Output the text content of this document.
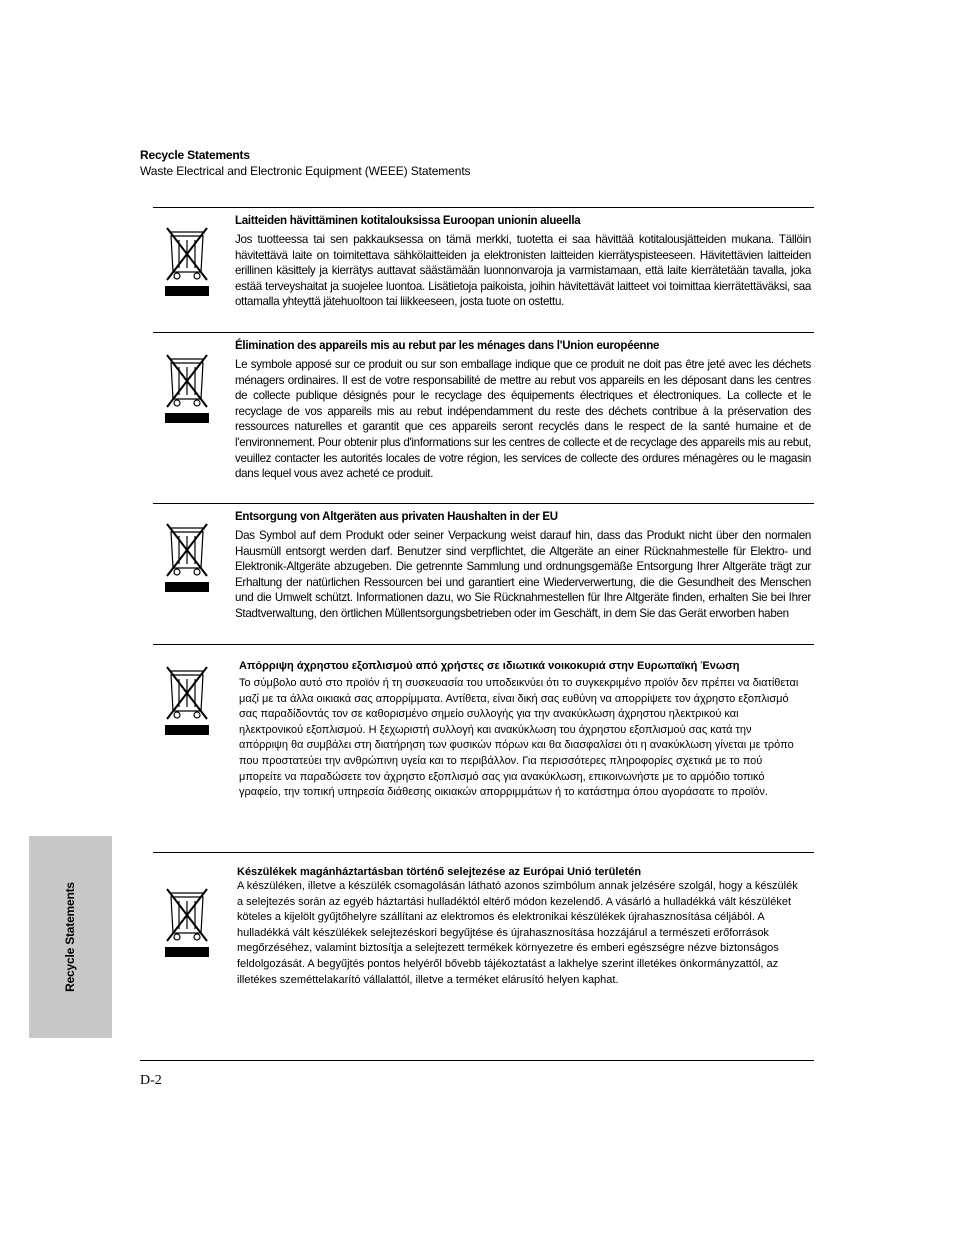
Recycle Statements
Waste Electrical and Electronic Equipment (WEEE) Statements
Laitteiden hävittäminen kotitalouksissa Euroopan unionin alueella
Jos tuotteessa tai sen pakkauksessa on tämä merkki, tuotetta ei saa hävittää kotitalousjätteiden mukana. Tällöin hävitettävä laite on toimitettava sähkölaitteiden ja elektronisten laitteiden kierrätyspisteeseen. Hävitettävien laitteiden erillinen käsittely ja kierrätys auttavat säästämään luonnonvaroja ja varmistamaan, että laite kierrätetään tavalla, joka estää terveyshaitat ja suojelee luontoa. Lisätietoja paikoista, joihin hävitettävät laitteet voi toimittaa kierrätettäväksi, saa ottamalla yhteyttä jätehuoltoon tai liikkeeseen, josta tuote on ostettu.
Élimination des appareils mis au rebut par les ménages dans l'Union européenne
Le symbole apposé sur ce produit ou sur son emballage indique que ce produit ne doit pas être jeté avec les déchets ménagers ordinaires. Il est de votre responsabilité de mettre au rebut vos appareils en les déposant dans les centres de collecte publique désignés pour le recyclage des équipements électriques et électroniques. La collecte et le recyclage de vos appareils mis au rebut indépendamment du reste des déchets contribue à la préservation des ressources naturelles et garantit que ces appareils seront recyclés dans le respect de la santé humaine et de l'environnement. Pour obtenir plus d'informations sur les centres de collecte et de recyclage des appareils mis au rebut, veuillez contacter les autorités locales de votre région, les services de collecte des ordures ménagères ou le magasin dans lequel vous avez acheté ce produit.
Entsorgung von Altgeräten aus privaten Haushalten in der EU
Das Symbol auf dem Produkt oder seiner Verpackung weist darauf hin, dass das Produkt nicht über den normalen Hausmüll entsorgt werden darf. Benutzer sind verpflichtet, die Altgeräte an einer Rücknahmestelle für Elektro- und Elektronik-Altgeräte abzugeben. Die getrennte Sammlung und ordnungsgemäße Entsorgung Ihrer Altgeräte trägt zur Erhaltung der natürlichen Ressourcen bei und garantiert eine Wiederverwertung, die die Gesundheit des Menschen und die Umwelt schützt. Informationen dazu, wo Sie Rücknahmestellen für Ihre Altgeräte finden, erhalten Sie bei Ihrer Stadtverwaltung, den örtlichen Müllentsorgungsbetrieben oder im Geschäft, in dem Sie das Gerät erworben haben
Απόρριψη άχρηστου εξοπλισμού από χρήστες σε ιδιωτικά νοικοκυριά στην Ευρωπαϊκή Ένωση
Το σύμβολο αυτό στο προϊόν ή τη συσκευασία του υποδεικνύει ότι το συγκεκριμένο προϊόν δεν πρέπει να διατίθεται μαζί με τα άλλα οικιακά σας απορρίμματα. Αντίθετα, είναι δική σας ευθύνη να απορρίψετε τον άχρηστο εξοπλισμό σας παραδίδοντάς τον σε καθορισμένο σημείο συλλογής για την ανακύκλωση άχρηστου ηλεκτρικού και ηλεκτρονικού εξοπλισμού. Η ξεχωριστή συλλογή και ανακύκλωση του άχρηστου εξοπλισμού σας κατά την απόρριψη θα συμβάλει στη διατήρηση των φυσικών πόρων και θα διασφαλίσει ότι η ανακύκλωση γίνεται με τρόπο που προστατεύει την ανθρώπινη υγεία και το περιβάλλον. Για περισσότερες πληροφορίες σχετικά με το πού μπορείτε να παραδώσετε τον άχρηστο εξοπλισμό σας για ανακύκλωση, επικοινωνήστε με το αρμόδιο τοπικό γραφείο, την τοπική υπηρεσία διάθεσης οικιακών απορριμμάτων ή το κατάστημα όπου αγοράσατε το προϊόν.
Készülékek magánháztartásban történő selejtezése az Európai Unió területén
A készüléken, illetve a készülék csomagolásán látható azonos szimbólum annak jelzésére szolgál, hogy a készülék a selejtezés során az egyéb háztartási hulladéktól eltérő módon kezelendő. A vásárló a hulladékká vált készüléket köteles a kijelölt gyűjtőhelyre szállítani az elektromos és elektronikai készülékek újrahasznosítása céljából. A hulladékká vált készülékek selejtezéskori begyűjtése és újrahasznosítása hozzájárul a természeti erőforrások megőrzéséhez, valamint biztosítja a selejtezett termékek környezetre és emberi egészségre nézve biztonságos feldolgozását. A begyűjtés pontos helyéről bővebb tájékoztatást a lakhelye szerint illetékes önkormányzattól, az illetékes szeméttelakarító vállalattól, illetve a terméket elárusító helyen kaphat.
Recycle Statements
D-2
